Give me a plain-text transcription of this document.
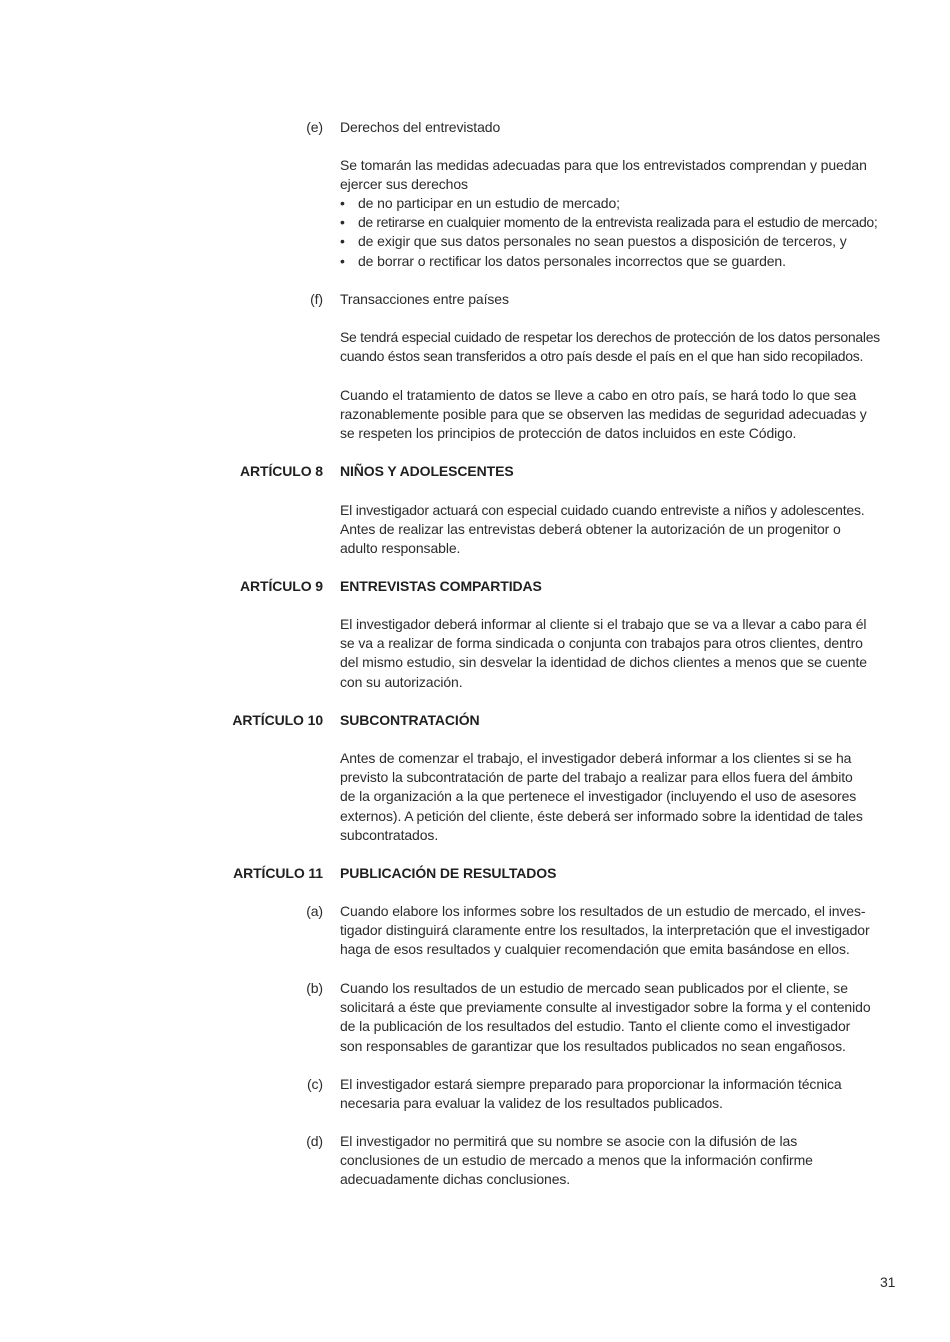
(e) Derechos del entrevistado
Se tomarán las medidas adecuadas para que los entrevistados comprendan y puedan
ejercer sus derechos
• de no participar en un estudio de mercado;
• de retirarse en cualquier momento de la entrevista realizada para el estudio de mercado;
• de exigir que sus datos personales no sean puestos a disposición de terceros, y
• de borrar o rectificar los datos personales incorrectos que se guarden.
(f) Transacciones entre países
Se tendrá especial cuidado de respetar los derechos de protección de los datos personales
cuando éstos sean transferidos a otro país desde el país en el que han sido recopilados.
Cuando el tratamiento de datos se lleve a cabo en otro país, se hará todo lo que sea
razonablemente posible para que se observen las medidas de seguridad adecuadas y
se respeten los principios de protección de datos incluidos en este Código.
ARTÍCULO 8 NIÑOS Y ADOLESCENTES
El investigador actuará con especial cuidado cuando entreviste a niños y adolescentes.
Antes de realizar las entrevistas deberá obtener la autorización de un progenitor o
adulto responsable.
ARTÍCULO 9 ENTREVISTAS COMPARTIDAS
El investigador deberá informar al cliente si el trabajo que se va a llevar a cabo para él
se va a realizar de forma sindicada o conjunta con trabajos para otros clientes, dentro
del mismo estudio, sin desvelar la identidad de dichos clientes a menos que se cuente
con su autorización.
ARTÍCULO 10 SUBCONTRATACIÓN
Antes de comenzar el trabajo, el investigador deberá informar a los clientes si se ha
previsto la subcontratación de parte del trabajo a realizar para ellos fuera del ámbito
de la organización a la que pertenece el investigador (incluyendo el uso de asesores
externos). A petición del cliente, éste deberá ser informado sobre la identidad de tales
subcontratados.
ARTÍCULO 11 PUBLICACIÓN DE RESULTADOS
(a) Cuando elabore los informes sobre los resultados de un estudio de mercado, el inves-
tigador distinguirá claramente entre los resultados, la interpretación que el investigador
haga de esos resultados y cualquier recomendación que emita basándose en ellos.
(b) Cuando los resultados de un estudio de mercado sean publicados por el cliente, se
solicitará a éste que previamente consulte al investigador sobre la forma y el contenido
de la publicación de los resultados del estudio. Tanto el cliente como el investigador
son responsables de garantizar que los resultados publicados no sean engañosos.
(c) El investigador estará siempre preparado para proporcionar la información técnica
necesaria para evaluar la validez de los resultados publicados.
(d) El investigador no permitirá que su nombre se asocie con la difusión de las
conclusiones de un estudio de mercado a menos que la información confirme
adecuadamente dichas conclusiones.
31
